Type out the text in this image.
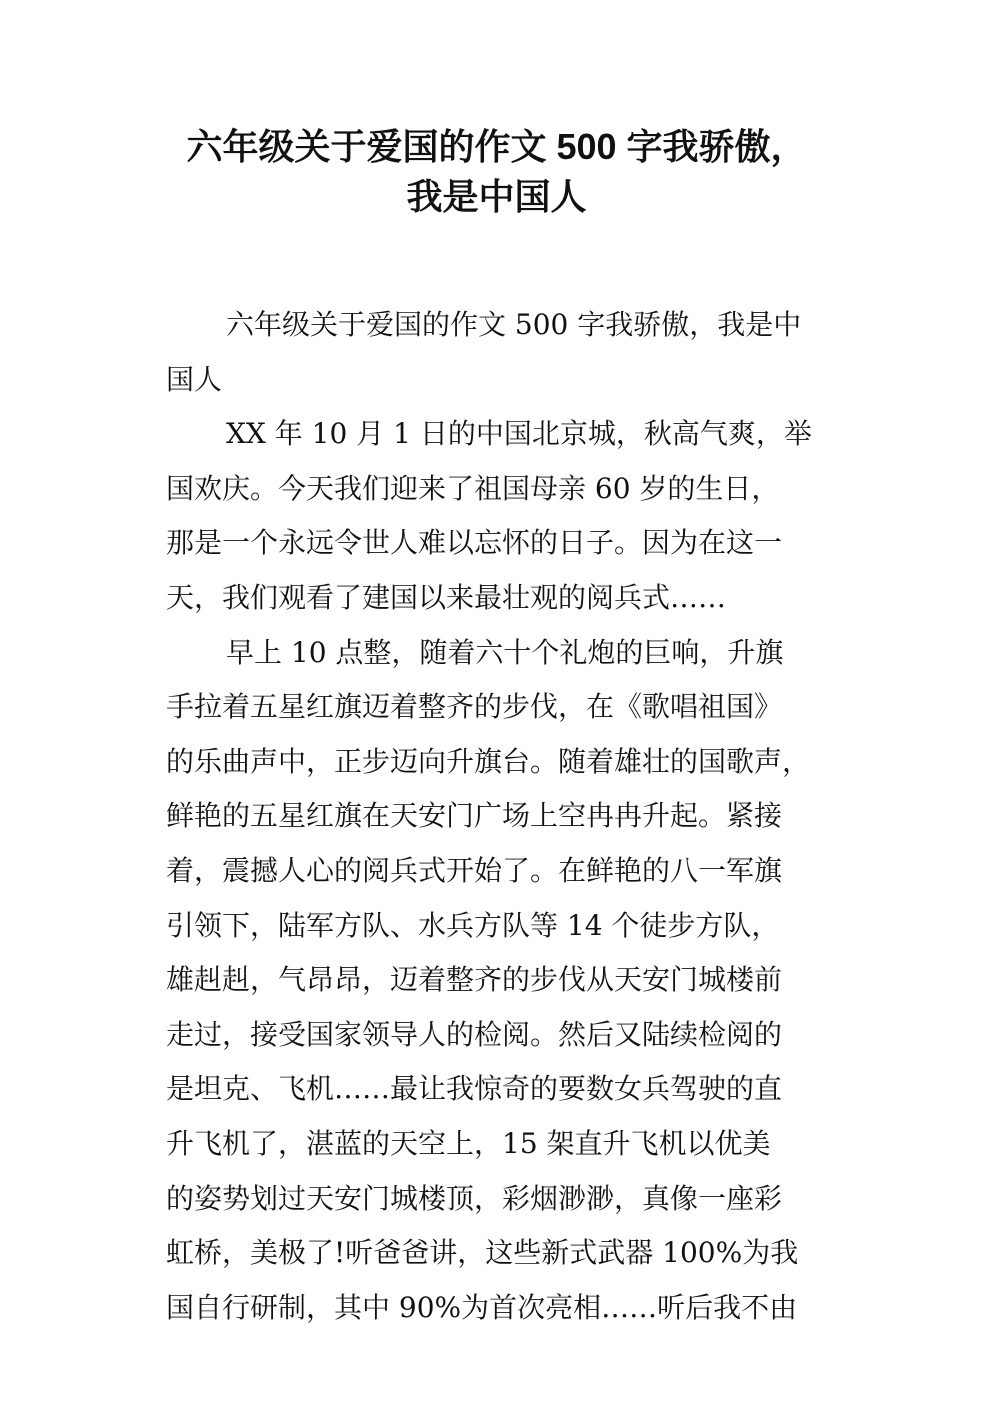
六年级关于爱国的作文 500 字我骄傲，
我是中国人
六年级关于爱国的作文 500 字我骄傲，我是中
国人
XX 年 10 月 1 日的中国北京城，秋高气爽，举
国欢庆。今天我们迎来了祖国母亲 60 岁的生日，
那是一个永远令世人难以忘怀的日子。因为在这一
天，我们观看了建国以来最壮观的阅兵式……
早上 10 点整，随着六十个礼炮的巨响，升旗
手拉着五星红旗迈着整齐的步伐，在《歌唱祖国》
的乐曲声中，正步迈向升旗台。随着雄壮的国歌声，
鲜艳的五星红旗在天安门广场上空冉冉升起。紧接
着，震撼人心的阅兵式开始了。在鲜艳的八一军旗
引领下，陆军方队、水兵方队等 14 个徒步方队，
雄赳赳，气昂昂，迈着整齐的步伐从天安门城楼前
走过，接受国家领导人的检阅。然后又陆续检阅的
是坦克、飞机……最让我惊奇的要数女兵驾驶的直
升飞机了，湛蓝的天空上，15 架直升飞机以优美
的姿势划过天安门城楼顶，彩烟渺渺，真像一座彩
虹桥，美极了!听爸爸讲，这些新式武器 100%为我
国自行研制，其中 90%为首次亮相……听后我不由
